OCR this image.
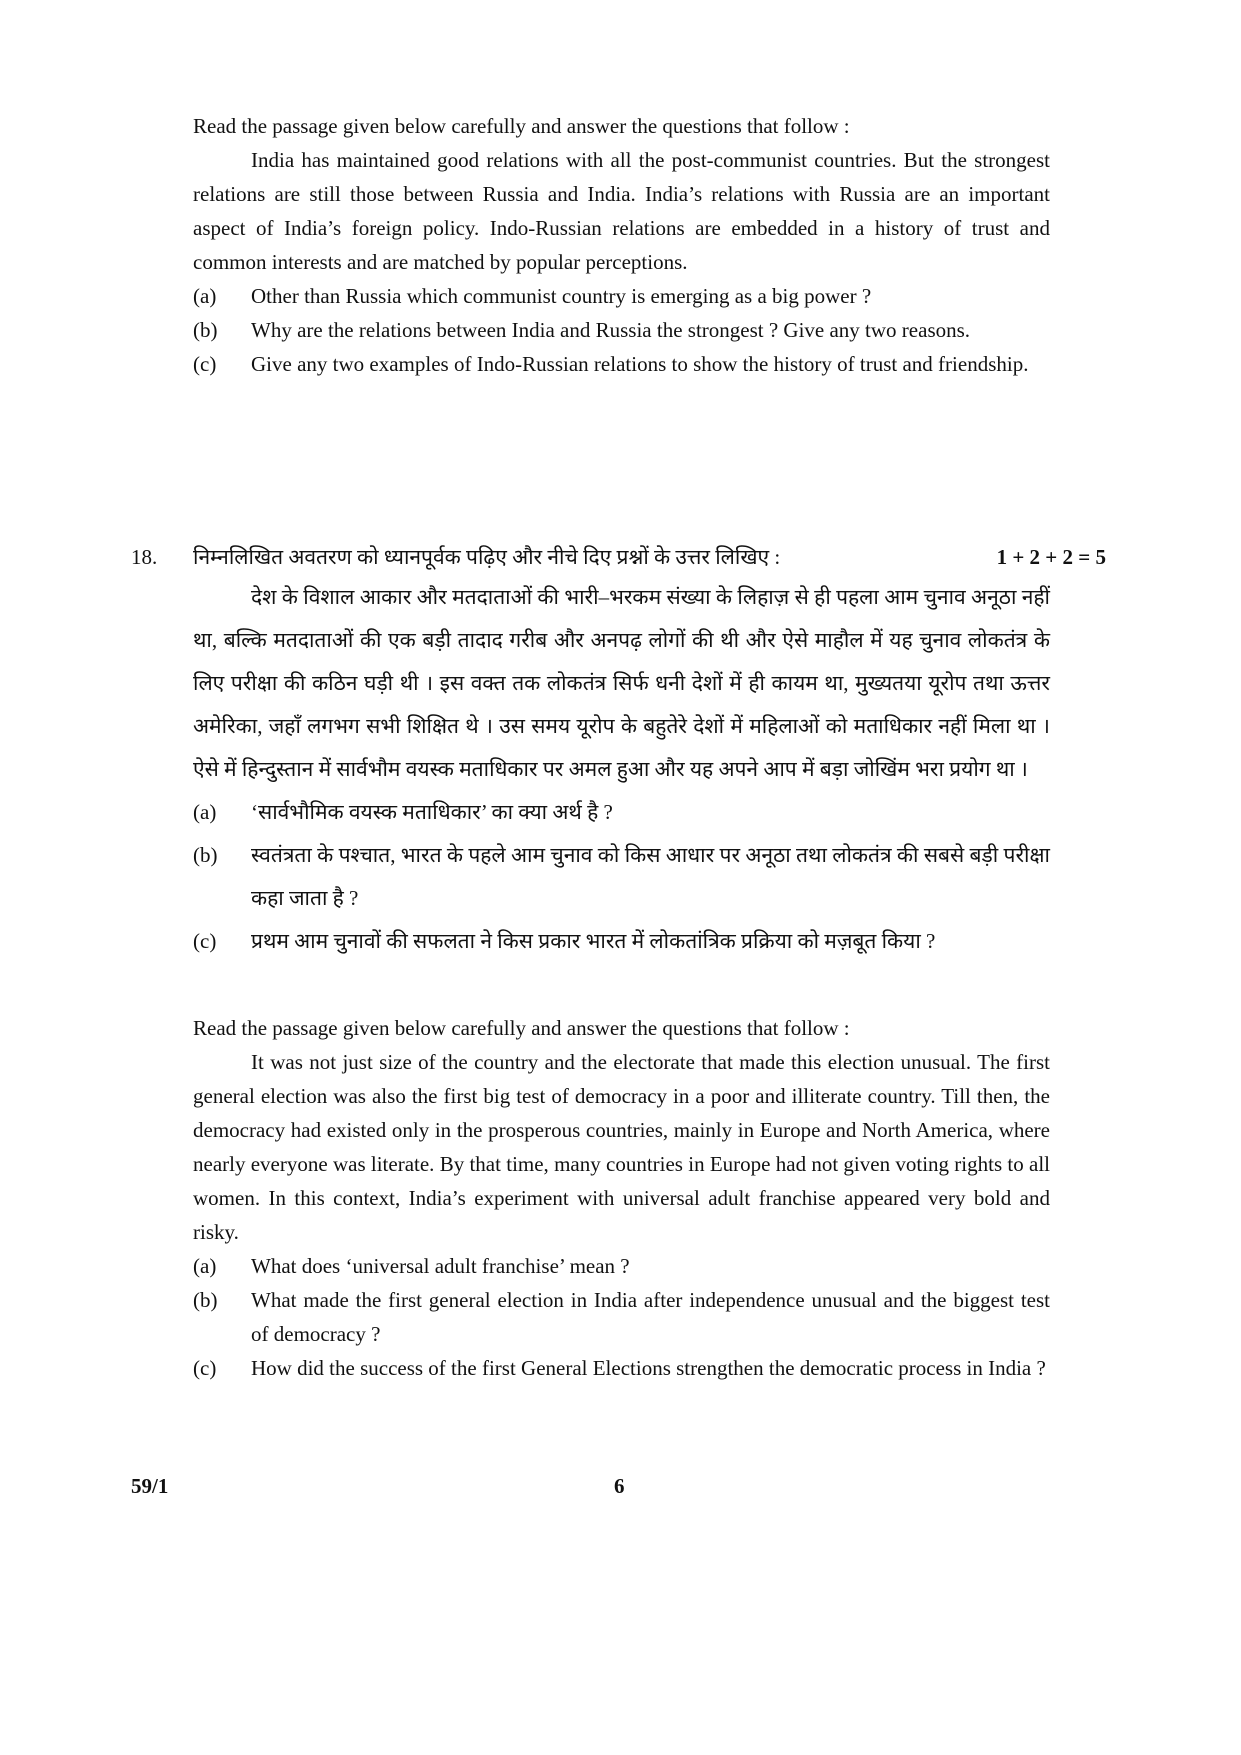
Read the passage given below carefully and answer the questions that follow :

India has maintained good relations with all the post-communist countries. But the strongest relations are still those between Russia and India. India’s relations with Russia are an important aspect of India’s foreign policy. Indo-Russian relations are embedded in a history of trust and common interests and are matched by popular perceptions.

(a)	Other than Russia which communist country is emerging as a big power ?
(b)	Why are the relations between India and Russia the strongest ? Give any two reasons.
(c)	Give any two examples of Indo-Russian relations to show the history of trust and friendship.
18.	1 + 2 + 2 = 5

निम्नलिखित अवतरण को ध्यानपूर्वक पढ़िए और नीचे दिए प्रश्नों के उत्तर लिखिए :

देश के विशाल आकार और मतदाताओं की भारी–भरकम संख्या के लिहाज़ से ही पहला आम चुनाव अनूठा नहीं था, बल्कि मतदाताओं की एक बड़ी तादाद गरीब और अनपढ़ लोगों की थी और ऐसे माहौल में यह चुनाव लोकतंत्र के लिए परीक्षा की कठिन घड़ी थी । इस वक्त तक लोकतंत्र सिर्फ धनी देशों में ही कायम था, मुख्यतया यूरोप तथा ऊत्तर अमेरिका, जहाँ लगभग सभी शिक्षित थे । उस समय यूरोप के बहुतेरे देशों में महिलाओं को मताधिकार नहीं मिला था । ऐसे में हिन्दुस्तान में सार्वभौम वयस्क मताधिकार पर अमल हुआ और यह अपने आप में बड़ा जोखिंम भरा प्रयोग था ।

(a)	‘सार्वभौमिक वयस्क मताधिकार’ का क्या अर्थ है ?
(b)	स्वतंत्रता के पश्चात, भारत के पहले आम चुनाव को किस आधार पर अनूठा तथा लोकतंत्र की सबसे बड़ी परीक्षा कहा जाता है ?
(c)	प्रथम आम चुनावों की सफलता ने किस प्रकार भारत में लोकतांत्रिक प्रक्रिया को मज़बूत किया ?

Read the passage given below carefully and answer the questions that follow :

It was not just size of the country and the electorate that made this election unusual. The first general election was also the first big test of democracy in a poor and illiterate country. Till then, the democracy had existed only in the prosperous countries, mainly in Europe and North America, where nearly everyone was literate. By that time, many countries in Europe had not given voting rights to all women. In this context, India’s experiment with universal adult franchise appeared very bold and risky.

(a)	What does ‘universal adult franchise’ mean ?
(b)	What made the first general election in India after independence unusual and the biggest test of democracy ?
(c)	How did the success of the first General Elections strengthen the democratic process in India ?
59/1	6
